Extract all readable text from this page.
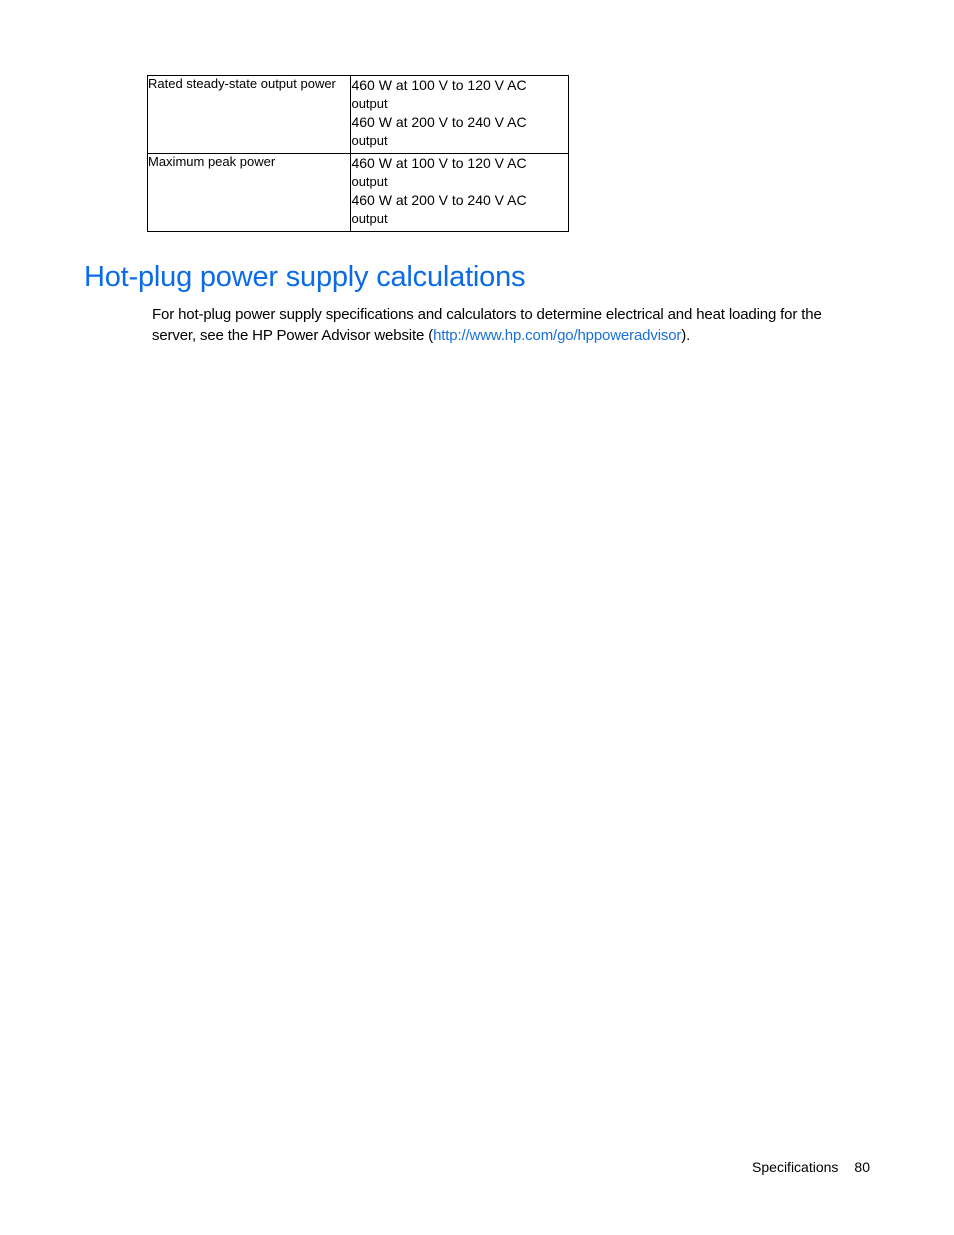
Rated steady-state output power	460 W at 100 V to 120 V AC
output
460 W at 200 V to 240 V AC
output

Maximum peak power	460 W at 100 V to 120 V AC
output
460 W at 200 V to 240 V AC
output
Hot-plug power supply calculations

For hot-plug power supply specifications and calculators to determine electrical and heat loading for the server, see the HP Power Advisor website (http://www.hp.com/go/hppoweradvisor).

Specifications 80
